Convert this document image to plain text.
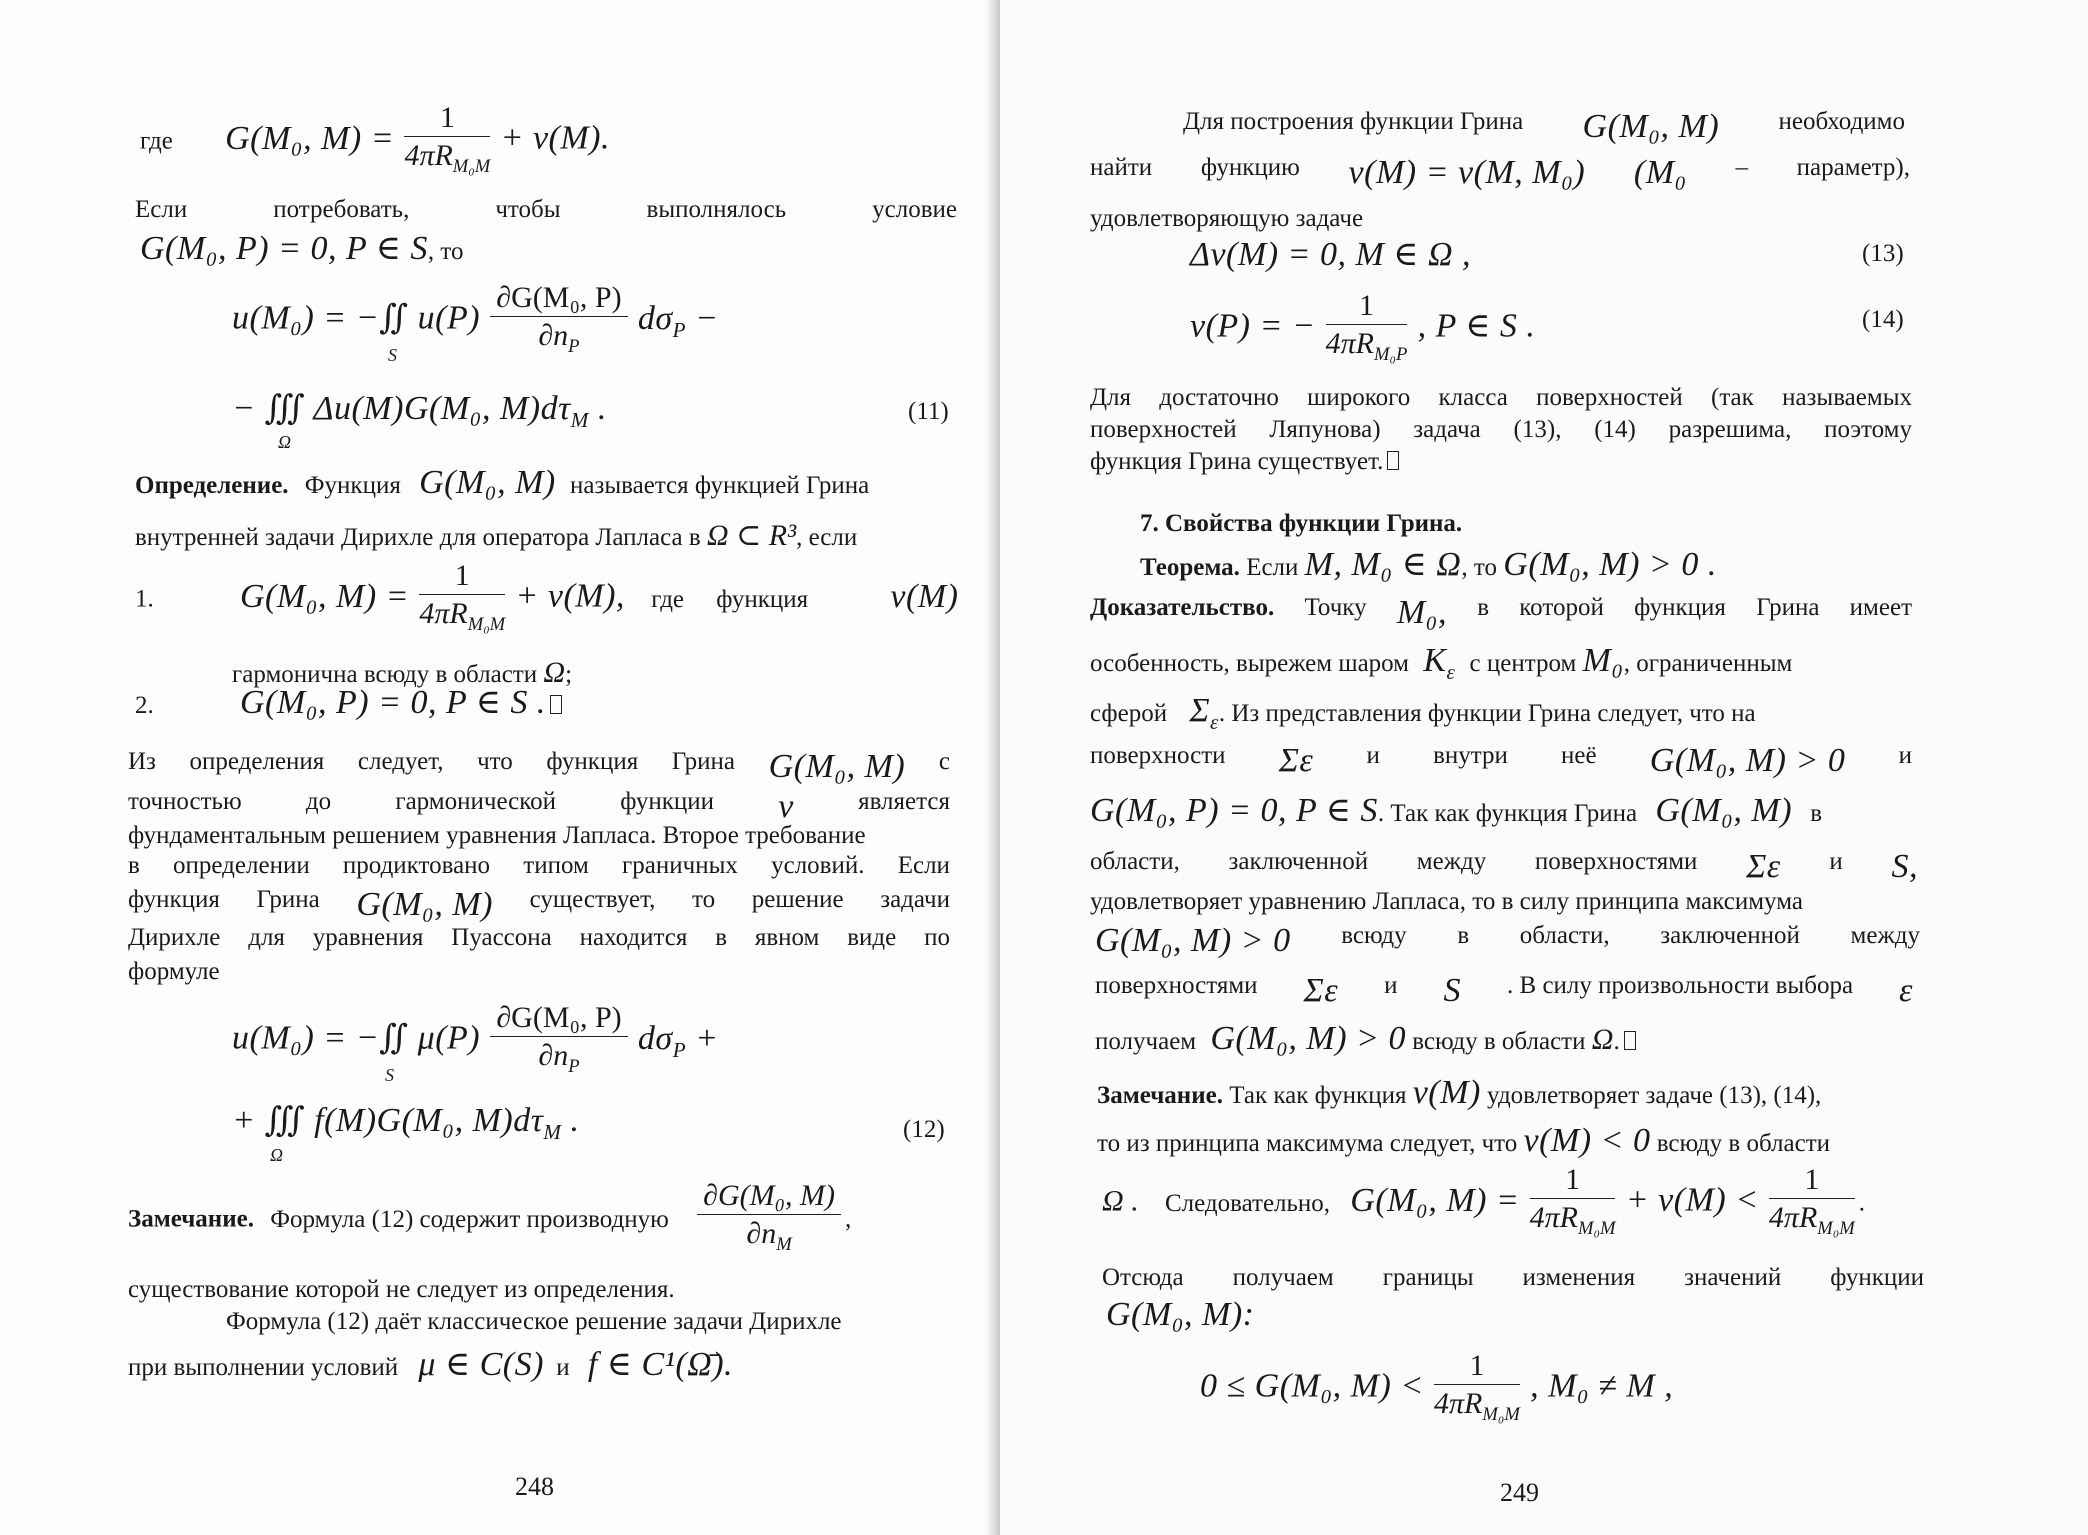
где G(M₀, $M) = \frac{1}{4\pi R_{M_0M}} + v(M)$.
Если	потребовать,	чтобы	выполнялось	условие
G(M₀, P) = 0, P ∈ S, то
u(M₀) = −∬ $u(P) \frac{\text{∂G(M₀, P)}}{\partial n_P} d\sigma_P$ −
S
− ∭ Δu(M)G(M₀, $M)d\tau_M$ .
Ω
(11)
Определение. Функция G(M₀, M) называется функцией Грина
внутренней задачи Дирихле для оператора Лапласа в Ω ⊂ R³, если
1.	G(M₀, $M) = \frac{1}{4\pi R_{M_0M}} + v(M)$, где функция v(M)
гармонична всюду в области Ω;
2.	G(M₀, P) = 0, P ∈ S .
Из определения следует, что функция Грина G(M₀, M) с
точностью	до	гармонической	функции v	является
фундаментальным решением уравнения Лапласа. Второе требование
в определении продиктовано типом граничных условий. Если
функция Грина G(M₀, M) существует, то решение задачи
Дирихле для уравнения Пуассона находится в явном виде по
формуле
u(M₀) = −∬ $\mu(P) \frac{\text{∂G(M₀, P)}}{\partial n_P} d\sigma_P$ +
S
+ ∭ f(M)G(M₀, $M)d\tau_M$ .
Ω
(12)
Замечание. Формула (12) содержит производную $\frac{\text{∂G(M₀, M)}}{\partial n_M}$ ,
существование которой не следует из определения.
Формула (12) даёт классическое решение задачи Дирихле
при выполнении условий μ ∈ C(S) и f ∈ C¹(Ω̄).
248
Для построения функции Грина G(M₀, M) необходимо
найти функцию v(M) = v(M, M₀) (M₀ – параметр),
удовлетворяющую задаче
Δv(M) = 0, M ∈ Ω ,	(13)
v(P) = − $\frac{1}{4\pi R_{M_0P}}$ , P ∈ S .	(14)
Для достаточно широкого класса поверхностей (так называемых
поверхностей Ляпунова) задача (13), (14) разрешима, поэтому
функция Грина существует.
7. Свойства функции Грина.
Теорема. Если M, M₀ ∈ Ω, то G(M₀, M) > 0 .
Доказательство. Точку M₀, в которой функция Грина имеет
особенность, вырежем шаром $K_\varepsilon$ с центром M₀, ограниченным
сферой $\Sigma_\varepsilon$. Из представления функции Грина следует, что на
поверхности Σε и внутри неё G(M₀, M) > 0 и
G(M₀, P) = 0, P ∈ S. Так как функция Грина G(M₀, M) в
области, заключенной между поверхностями Σε и S,
удовлетворяет уравнению Лапласа, то в силу принципа максимума
G(M₀, M) > 0 всюду в области, заключенной между
поверхностями Σε и S . В силу произвольности выбора ε
получаем G(M₀, M) > 0 всюду в области Ω.
Замечание. Так как функция v(M) удовлетворяет задаче (13), (14),
то из принципа максимума следует, что v(M) < 0 всюду в области
Ω . Следовательно, G(M₀, $M) = \frac{1}{4\pi R_{M_0M}} + v(M) < \frac{1}{4\pi R_{M_0M}}$ .
Отсюда получаем границы изменения значений функции
G(M₀, M):
0 ≤ G(M₀, $M) < \frac{1}{4\pi R_{M_0M}}$ , M₀ ≠ M ,
249
